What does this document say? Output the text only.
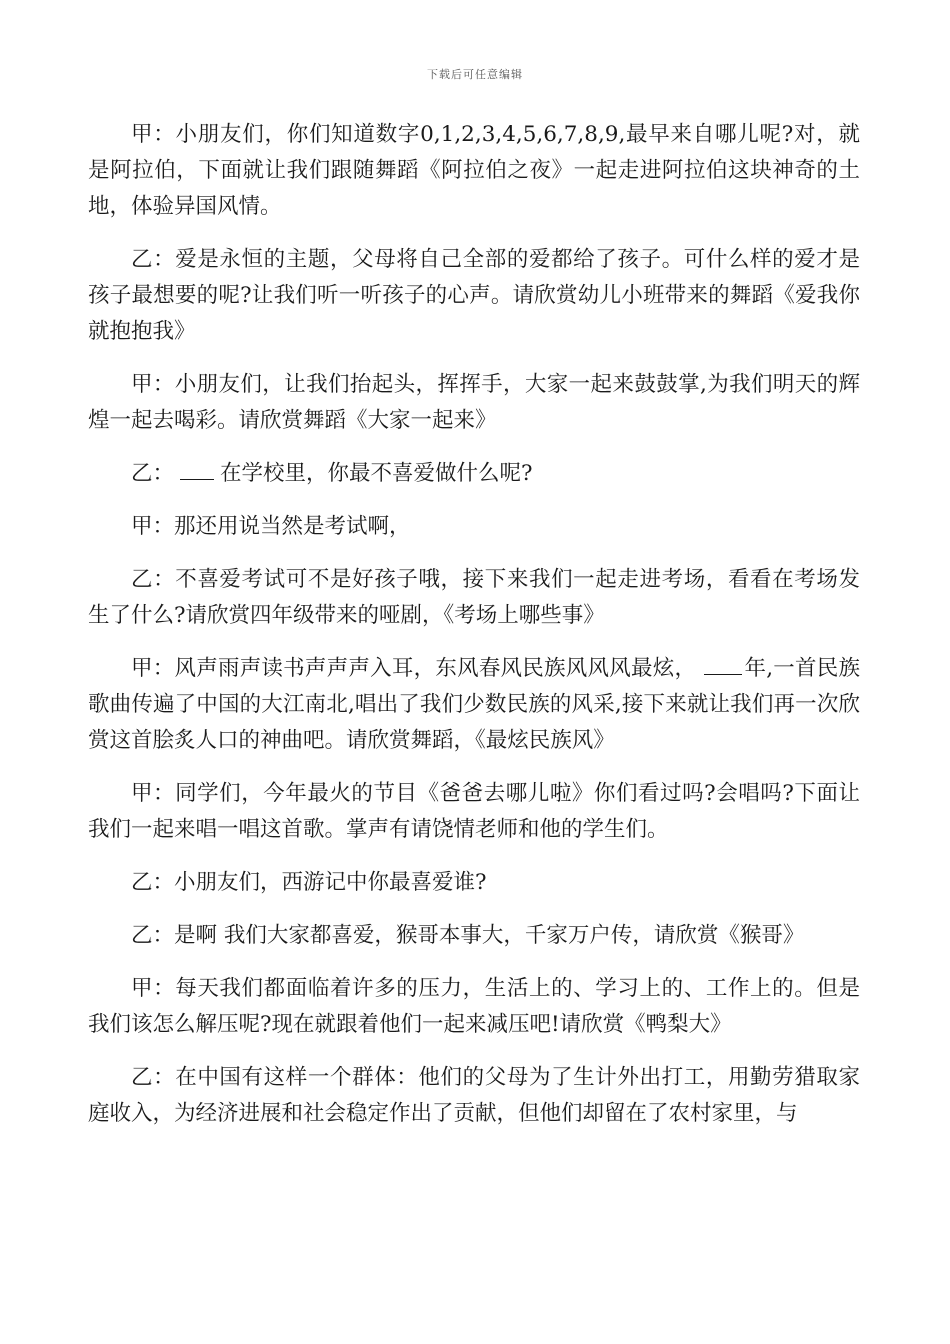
下载后可任意编辑

甲：小朋友们，你们知道数字0,1,2,3,4,5,6,7,8,9,最早来自哪儿呢?对，就是阿拉伯，下面就让我们跟随舞蹈《阿拉伯之夜》一起走进阿拉伯这块神奇的土地，体验异国风情。

乙：爱是永恒的主题，父母将自己全部的爱都给了孩子。可什么样的爱才是孩子最想要的呢?让我们听一听孩子的心声。请欣赏幼儿小班带来的舞蹈《爱我你就抱抱我》

甲：小朋友们，让我们抬起头，挥挥手，大家一起来鼓鼓掌,为我们明天的辉煌一起去喝彩。请欣赏舞蹈《大家一起来》

乙： 在学校里，你最不喜爱做什么呢?

甲：那还用说当然是考试啊，

乙：不喜爱考试可不是好孩子哦，接下来我们一起走进考场，看看在考场发生了什么?请欣赏四年级带来的哑剧，《考场上哪些事》

甲：风声雨声读书声声声入耳，东风春风民族风风风最炫， 年,一首民族歌曲传遍了中国的大江南北,唱出了我们少数民族的风采,接下来就让我们再一次欣赏这首脍炙人口的神曲吧。请欣赏舞蹈，《最炫民族风》

甲：同学们，今年最火的节目《爸爸去哪儿啦》你们看过吗?会唱吗?下面让我们一起来唱一唱这首歌。掌声有请饶情老师和他的学生们。

乙：小朋友们，西游记中你最喜爱谁?

乙：是啊 我们大家都喜爱，猴哥本事大，千家万户传，请欣赏《猴哥》

甲：每天我们都面临着许多的压力，生活上的、学习上的、工作上的。但是我们该怎么解压呢?现在就跟着他们一起来减压吧!请欣赏《鸭梨大》

乙：在中国有这样一个群体：他们的父母为了生计外出打工，用勤劳猎取家庭收入，为经济进展和社会稳定作出了贡献，但他们却留在了农村家里，与
